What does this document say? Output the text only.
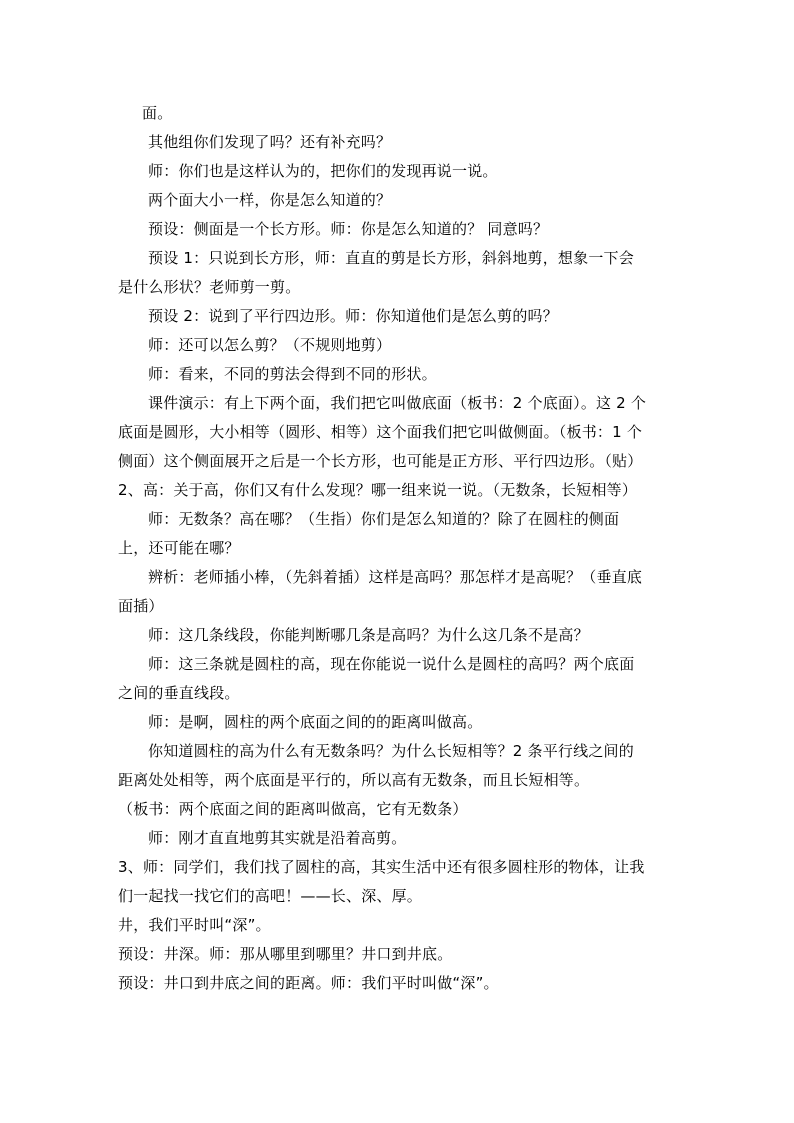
面。
其他组你们发现了吗？还有补充吗？
师：你们也是这样认为的，把你们的发现再说一说。
两个面大小一样，你是怎么知道的？
预设：侧面是一个长方形。师：你是怎么知道的？ 同意吗？
预设 1：只说到长方形，师：直直的剪是长方形，斜斜地剪，想象一下会
是什么形状？老师剪一剪。
预设 2：说到了平行四边形。师：你知道他们是怎么剪的吗？
师：还可以怎么剪？（不规则地剪）
师：看来，不同的剪法会得到不同的形状。
课件演示：有上下两个面，我们把它叫做底面（板书：2 个底面）。这 2 个
底面是圆形，大小相等（圆形、相等）这个面我们把它叫做侧面。（板书：1 个
侧面）这个侧面展开之后是一个长方形，也可能是正方形、平行四边形。（贴）
2、高：关于高，你们又有什么发现？哪一组来说一说。（无数条，长短相等）
师：无数条？高在哪？（生指）你们是怎么知道的？除了在圆柱的侧面
上，还可能在哪？
辨析：老师插小棒，（先斜着插）这样是高吗？那怎样才是高呢？（垂直底
面插）
师：这几条线段，你能判断哪几条是高吗？为什么这几条不是高？
师：这三条就是圆柱的高，现在你能说一说什么是圆柱的高吗？两个底面
之间的垂直线段。
师：是啊，圆柱的两个底面之间的的距离叫做高。
你知道圆柱的高为什么有无数条吗？为什么长短相等？2 条平行线之间的
距离处处相等，两个底面是平行的，所以高有无数条，而且长短相等。
（板书：两个底面之间的距离叫做高，它有无数条）
师：刚才直直地剪其实就是沿着高剪。
3、师：同学们，我们找了圆柱的高，其实生活中还有很多圆柱形的物体，让我
们一起找一找它们的高吧！——长、深、厚。
井，我们平时叫“深”。
预设：井深。师：那从哪里到哪里？井口到井底。
预设：井口到井底之间的距离。师：我们平时叫做“深”。
